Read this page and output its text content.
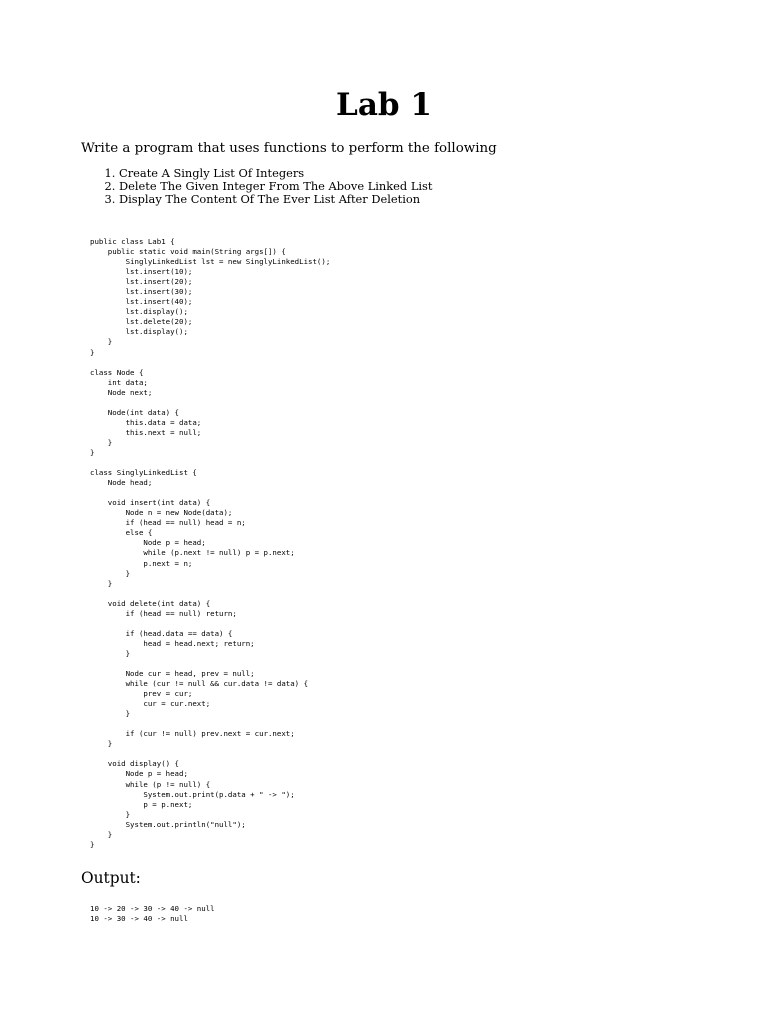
Lab 1

Write a program that uses functions to perform the following

1. Create A Singly List Of Integers
2. Delete The Given Integer From The Above Linked List
3. Display The Content Of The Ever List After Deletion
public class Lab1 {
public static void main(String args[]) {
SinglyLinkedList lst = new SinglyLinkedList();
lst.insert(10);
lst.insert(20);
lst.insert(30);
lst.insert(40);
lst.display();
lst.delete(20);
lst.display();
}
}

class Node {
int data;
Node next;

Node(int data) {
this.data = data;
this.next = null;
}
}

class SinglyLinkedList {
Node head;

void insert(int data) {
Node n = new Node(data);
if (head == null) head = n;
else {
Node p = head;
while (p.next != null) p = p.next;
p.next = n;
}
}

void delete(int data) {
if (head == null) return;

if (head.data == data) {
head = head.next; return;
}

Node cur = head, prev = null;
while (cur != null && cur.data != data) {
prev = cur;
cur = cur.next;
}

if (cur != null) prev.next = cur.next;
}

void display() {
Node p = head;
while (p != null) {
System.out.print(p.data + " -> ");
p = p.next;
}
System.out.println("null");
}
}
Output:
10 -> 20 -> 30 -> 40 -> null
10 -> 30 -> 40 -> null
